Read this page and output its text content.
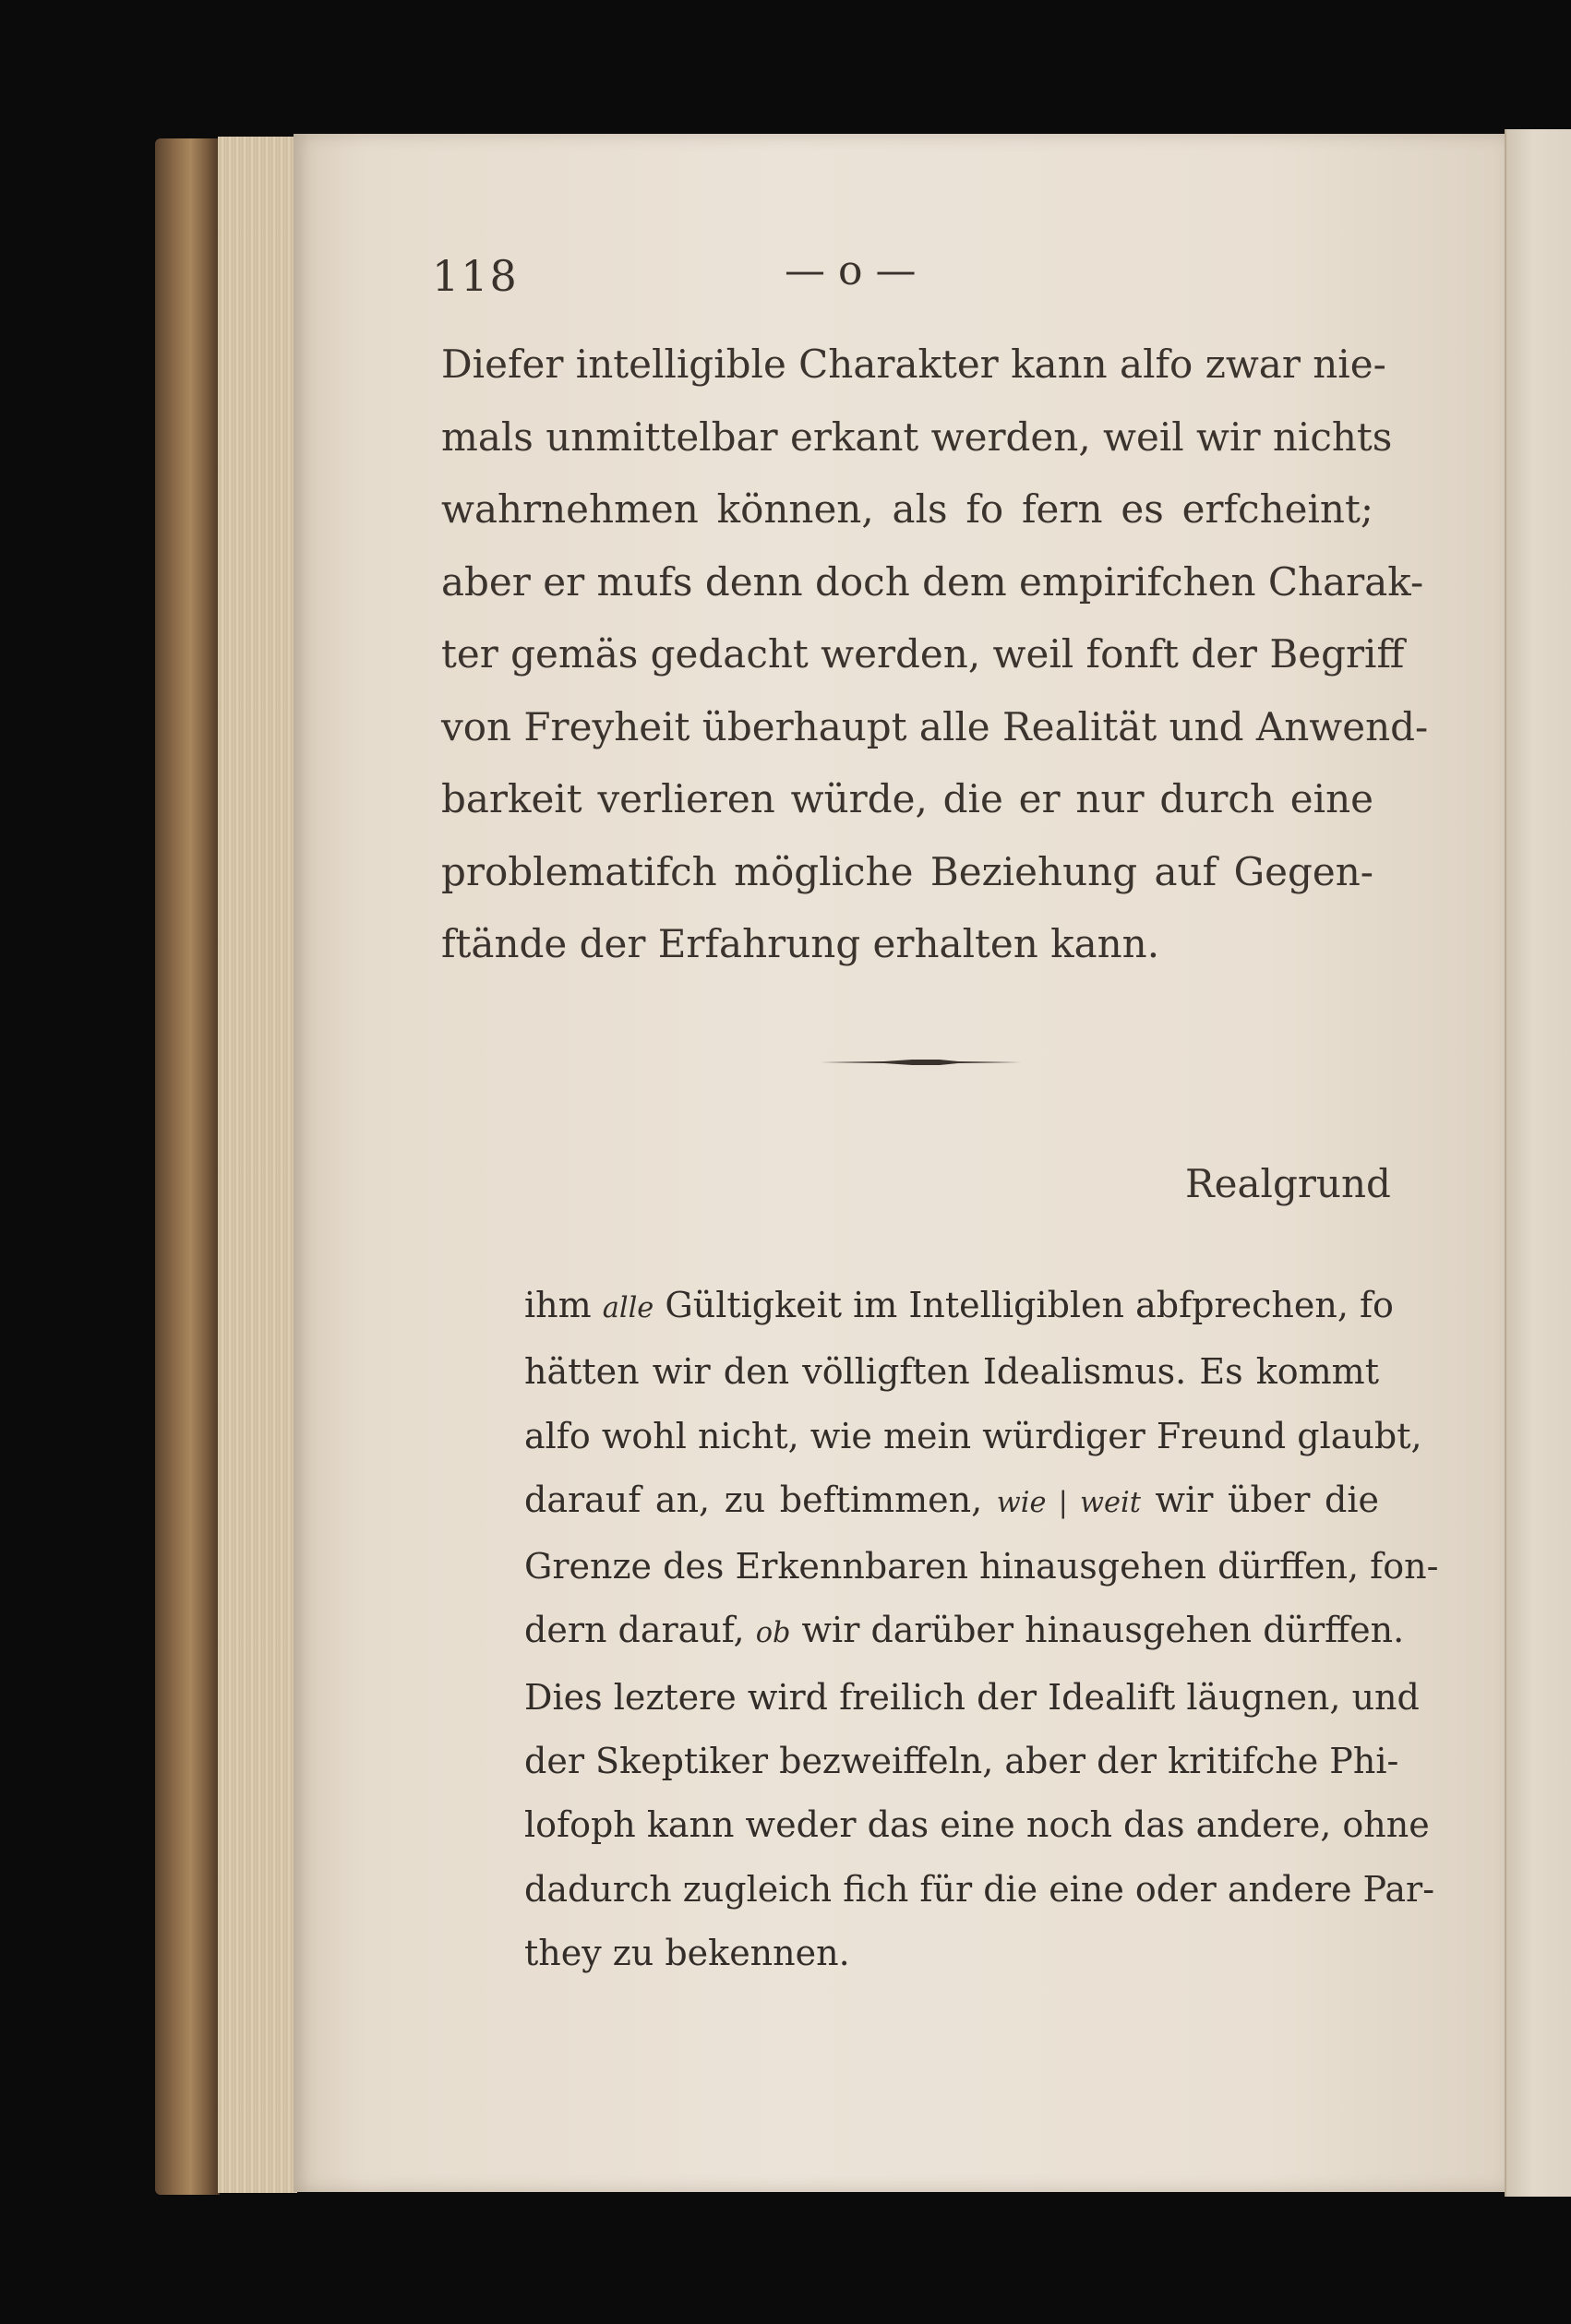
118	— o —
Diefer intelligible Charakter kann alfo zwar nie-
mals unmittelbar erkant werden, weil wir nichts
wahrnehmen können, als fo fern es erfcheint;
aber er mufs denn doch dem empirifchen Charak-
ter gemäs gedacht werden, weil fonft der Begriff
von Freyheit überhaupt alle Realität und Anwend-
barkeit verlieren würde, die er nur durch eine
problematifch mögliche Beziehung auf Gegen-
ftände der Erfahrung erhalten kann.
Realgrund
ihm alle Gültigkeit im Intelligiblen abfprechen, fo
hätten wir den völligften Idealismus. Es kommt
alfo wohl nicht, wie mein würdiger Freund glaubt,
darauf an, zu beftimmen, wie | weit wir über die
Grenze des Erkennbaren hinausgehen dürffen, fon-
dern darauf, ob wir darüber hinausgehen dürffen.
Dies leztere wird freilich der Idealift läugnen, und
der Skeptiker bezweiffeln, aber der kritifche Phi-
lofoph kann weder das eine noch das andere, ohne
dadurch zugleich fich für die eine oder andere Par-
they zu bekennen.
